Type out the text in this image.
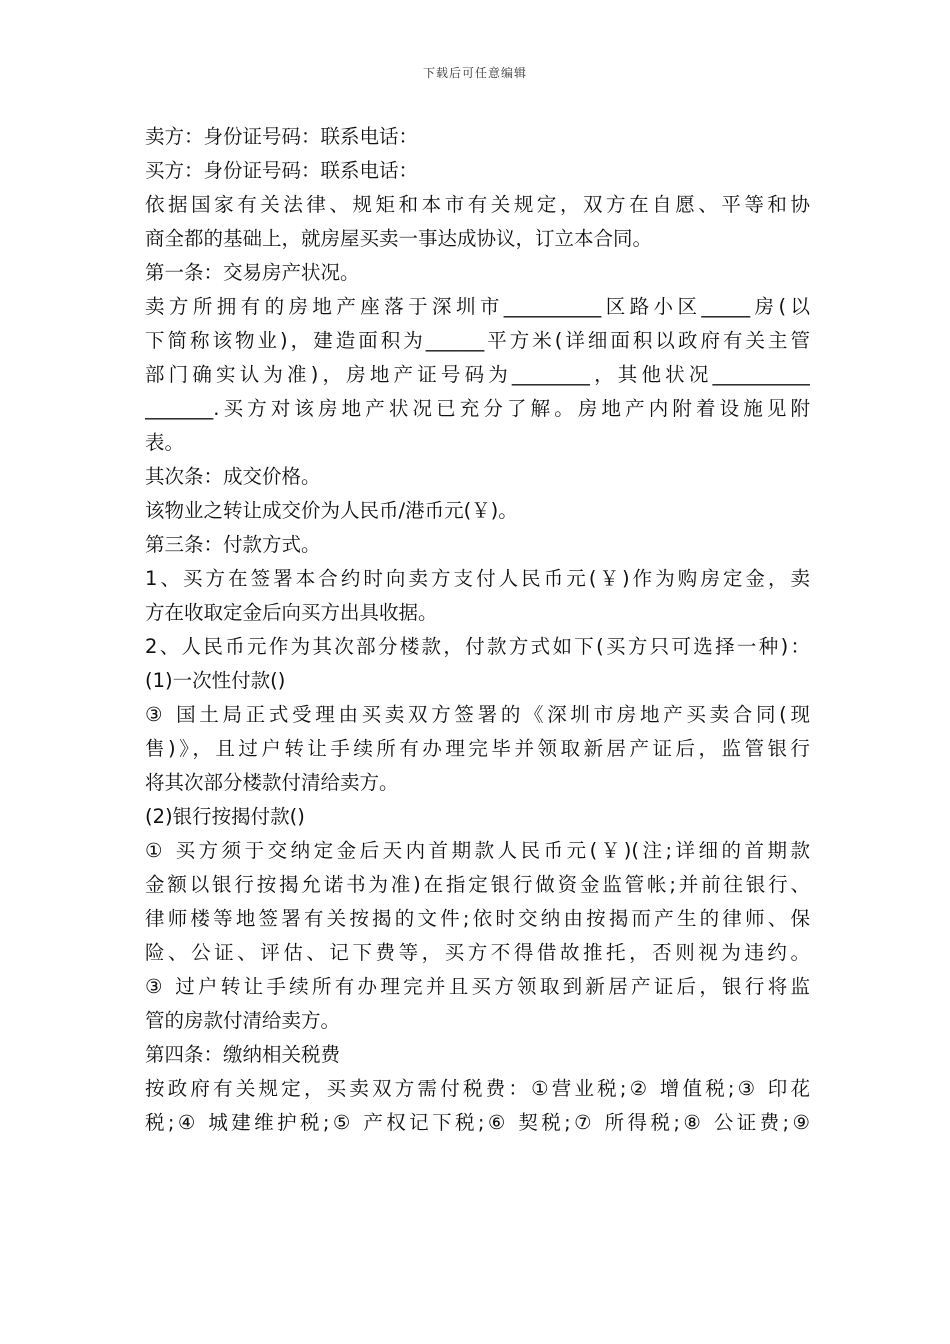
下载后可任意编辑
卖方：身份证号码：联系电话：
买方：身份证号码：联系电话：
依据国家有关法律、规矩和本市有关规定，双方在自愿、平等和协
商全都的基础上，就房屋买卖一事达成协议，订立本合同。
第一条：交易房产状况。
卖方所拥有的房地产座落于深圳市__________区路小区_____房(以
下简称该物业)，建造面积为______平方米(详细面积以政府有关主管
部门确实认为准)，房地产证号码为________，其他状况__________
_______.买方对该房地产状况已充分了解。房地产内附着设施见附
表。
其次条：成交价格。
该物业之转让成交价为人民币/港币元(￥)。
第三条：付款方式。
1、买方在签署本合约时向卖方支付人民币元(￥)作为购房定金，卖
方在收取定金后向买方出具收据。
2、人民币元作为其次部分楼款，付款方式如下(买方只可选择一种)：
(1)一次性付款()
③ 国土局正式受理由买卖双方签署的《深圳市房地产买卖合同(现
售)》，且过户转让手续所有办理完毕并领取新居产证后，监管银行
将其次部分楼款付清给卖方。
(2)银行按揭付款()
① 买方须于交纳定金后天内首期款人民币元(￥)(注;详细的首期款
金额以银行按揭允诺书为准)在指定银行做资金监管帐;并前往银行、
律师楼等地签署有关按揭的文件;依时交纳由按揭而产生的律师、保
险、公证、评估、记下费等，买方不得借故推托，否则视为违约。
③ 过户转让手续所有办理完并且买方领取到新居产证后，银行将监
管的房款付清给卖方。
第四条：缴纳相关税费
按政府有关规定，买卖双方需付税费：①营业税;② 增值税;③ 印花
税;④ 城建维护税;⑤ 产权记下税;⑥ 契税;⑦ 所得税;⑧ 公证费;⑨
